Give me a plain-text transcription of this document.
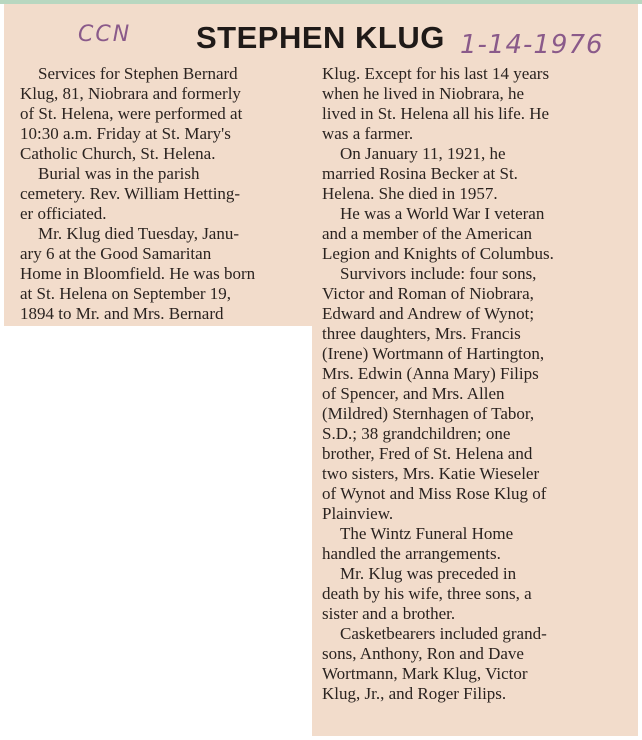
CCN STEPHEN KLUG 1-14-1976
Services for Stephen Bernard
Klug, 81, Niobrara and formerly
of St. Helena, were performed at
10:30 a.m. Friday at St. Mary's
Catholic Church, St. Helena.
Burial was in the parish
cemetery. Rev. William Hetting-
er officiated.
Mr. Klug died Tuesday, Janu-
ary 6 at the Good Samaritan
Home in Bloomfield. He was born
at St. Helena on September 19,
1894 to Mr. and Mrs. Bernard
Klug. Except for his last 14 years
when he lived in Niobrara, he
lived in St. Helena all his life. He
was a farmer.
On January 11, 1921, he
married Rosina Becker at St.
Helena. She died in 1957.
He was a World War I veteran
and a member of the American
Legion and Knights of Columbus.
Survivors include: four sons,
Victor and Roman of Niobrara,
Edward and Andrew of Wynot;
three daughters, Mrs. Francis
(Irene) Wortmann of Hartington,
Mrs. Edwin (Anna Mary) Filips
of Spencer, and Mrs. Allen
(Mildred) Sternhagen of Tabor,
S.D.; 38 grandchildren; one
brother, Fred of St. Helena and
two sisters, Mrs. Katie Wieseler
of Wynot and Miss Rose Klug of
Plainview.
The Wintz Funeral Home
handled the arrangements.
Mr. Klug was preceded in
death by his wife, three sons, a
sister and a brother.
Casketbearers included grand-
sons, Anthony, Ron and Dave
Wortmann, Mark Klug, Victor
Klug, Jr., and Roger Filips.
